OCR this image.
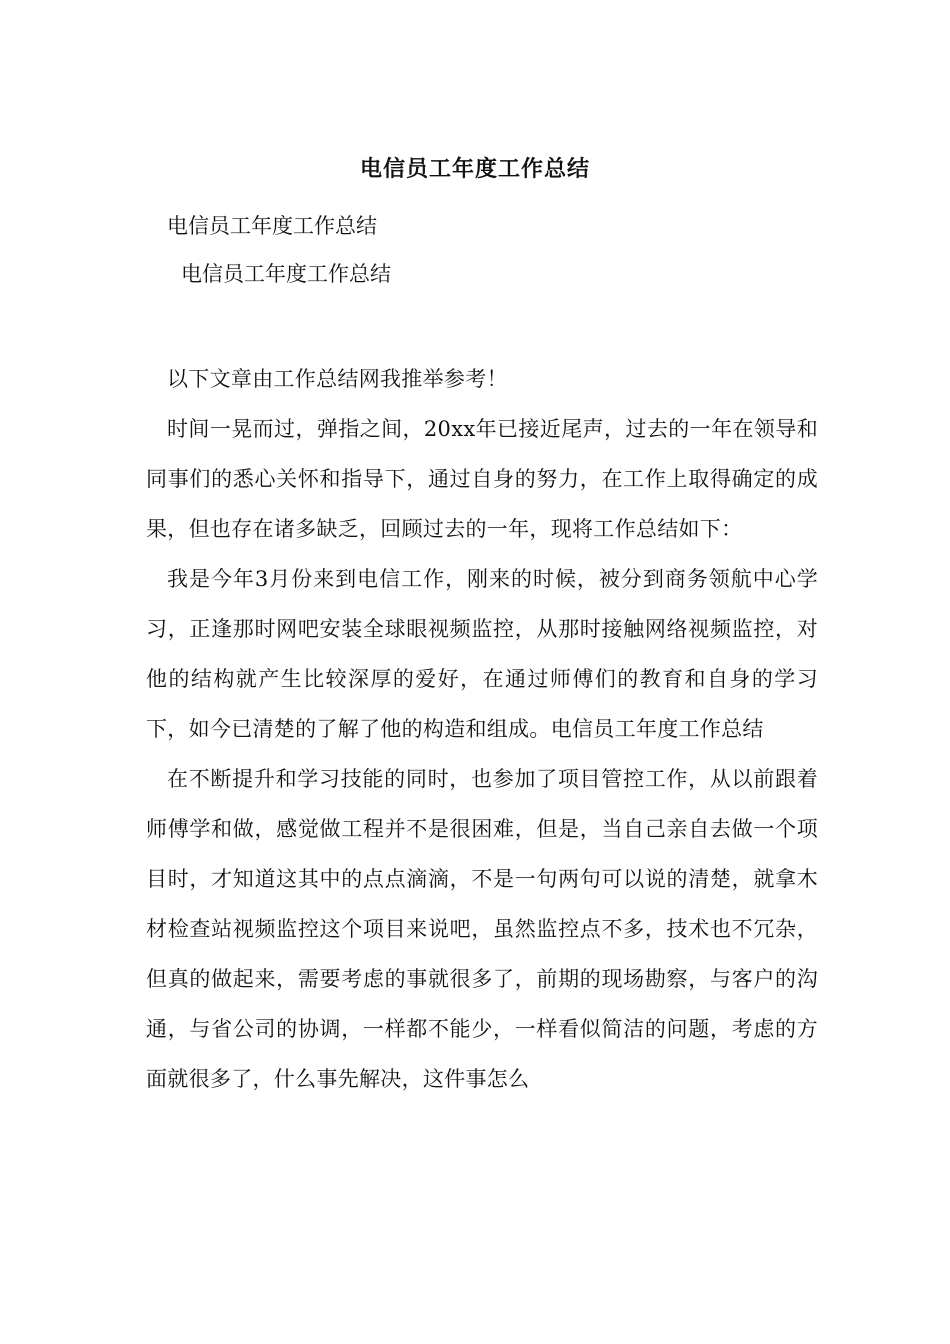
电信员工年度工作总结

电信员工年度工作总结

电信员工年度工作总结

以下文章由工作总结网我推举参考！

时间一晃而过，弹指之间，20xx年已接近尾声，过去的一年在领导和同事们的悉心关怀和指导下，通过自身的努力，在工作上取得确定的成果，但也存在诸多缺乏，回顾过去的一年，现将工作总结如下：

我是今年3月份来到电信工作，刚来的时候，被分到商务领航中心学习，正逢那时网吧安装全球眼视频监控，从那时接触网络视频监控，对他的结构就产生比较深厚的爱好，在通过师傅们的教育和自身的学习下，如今已清楚的了解了他的构造和组成。电信员工年度工作总结

在不断提升和学习技能的同时，也参加了项目管控工作，从以前跟着师傅学和做，感觉做工程并不是很困难，但是，当自己亲自去做一个项目时，才知道这其中的点点滴滴，不是一句两句可以说的清楚，就拿木材检查站视频监控这个项目来说吧，虽然监控点不多，技术也不冗杂，但真的做起来，需要考虑的事就很多了，前期的现场勘察，与客户的沟通，与省公司的协调，一样都不能少，一样看似简洁的问题，考虑的方面就很多了，什么事先解决，这件事怎么
